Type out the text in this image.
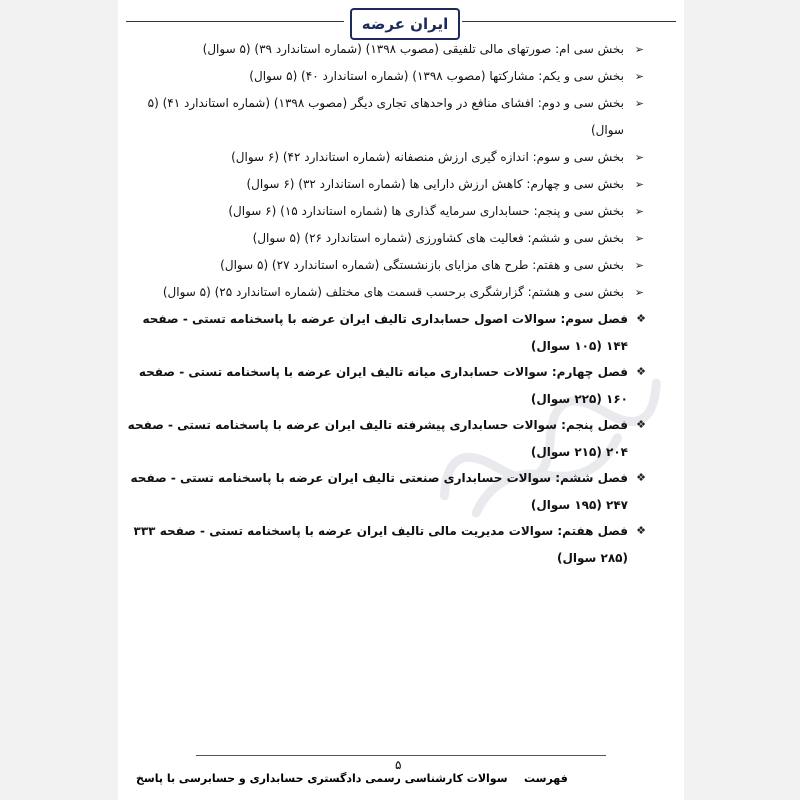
ایران عرضه
➢
بخش سی ام: صورتهای مالی تلفیقی (مصوب ۱۳۹۸) (شماره استاندارد ۳۹) (۵ سوال)
➢
بخش سی و یکم: مشارکتها (مصوب ۱۳۹۸) (شماره استاندارد ۴۰) (۵ سوال)
➢
بخش سی و دوم: افشای منافع در واحدهای تجاری دیگر (مصوب ۱۳۹۸) (شماره استاندارد ۴۱) (۵ سوال)
➢
بخش سی و سوم: اندازه گیری ارزش منصفانه (شماره استاندارد ۴۲) (۶ سوال)
➢
بخش سی و چهارم: کاهش ارزش دارایی ها (شماره استاندارد ۳۲) (۶ سوال)
➢
بخش سی و پنجم: حسابداری سرمایه گذاری ها (شماره استاندارد ۱۵) (۶ سوال)
➢
بخش سی و ششم: فعالیت های کشاورزی (شماره استاندارد ۲۶) (۵ سوال)
➢
بخش سی و هفتم: طرح های مزایای بازنشستگی (شماره استاندارد ۲۷) (۵ سوال)
➢
بخش سی و هشتم: گزارشگری برحسب قسمت های مختلف (شماره استاندارد ۲۵) (۵ سوال)
❖
فصل سوم: سوالات اصول حسابداری تالیف ایران عرضه با پاسخنامه تستی - صفحه ۱۴۴ (۱۰۵ سوال)
❖
فصل چهارم: سوالات حسابداری میانه تالیف ایران عرضه با پاسخنامه تستی - صفحه ۱۶۰ (۲۲۵ سوال)
❖
فصل پنجم: سوالات حسابداری پیشرفته تالیف ایران عرضه با پاسخنامه تستی - صفحه ۲۰۴ (۲۱۵ سوال)
❖
فصل ششم: سوالات حسابداری صنعتی تالیف ایران عرضه با پاسخنامه تستی - صفحه ۲۴۷ (۱۹۵ سوال)
❖
فصل هفتم: سوالات مدیریت مالی تالیف ایران عرضه با پاسخنامه تستی - صفحه ۳۳۳ (۲۸۵ سوال)
۵
سوالات کارشناسی رسمی دادگستری حسابداری و حسابرسی با پاسخ فهرست
